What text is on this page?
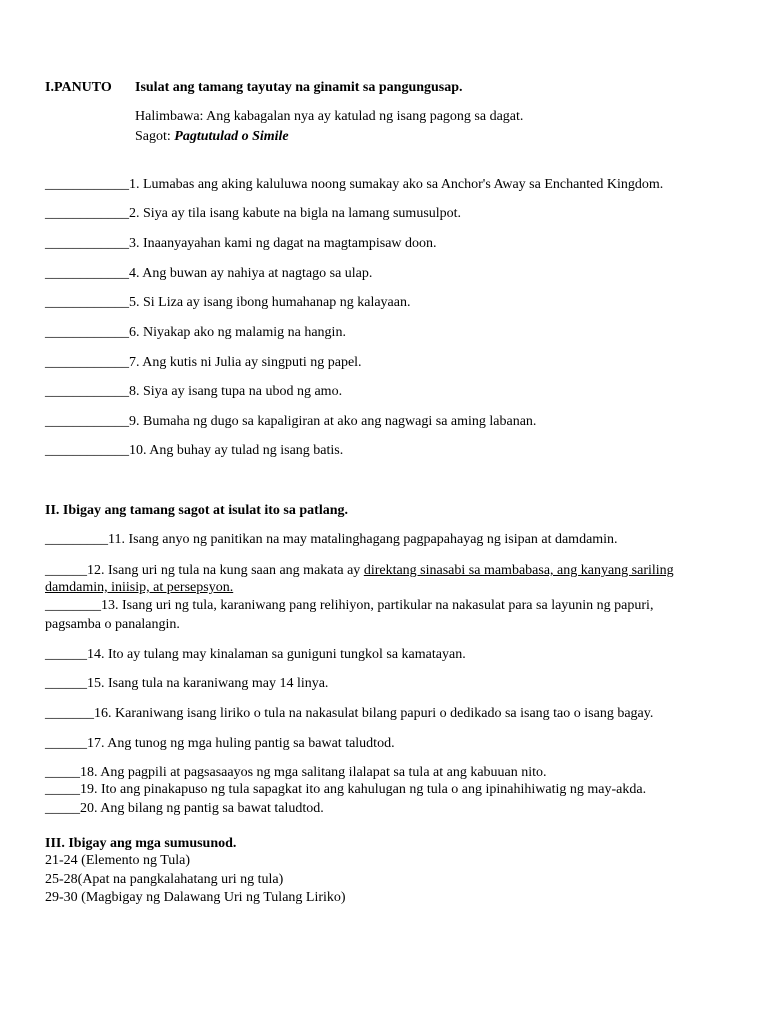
I.PANUTO Isulat ang tamang tayutay na ginamit sa pangungusap.
Halimbawa: Ang kabagalan nya ay katulad ng isang pagong sa dagat.
Sagot: Pagtutulad o Simile
____________1. Lumabas ang aking kaluluwa noong sumakay ako sa Anchor's Away sa Enchanted Kingdom.
____________2. Siya ay tila isang kabute na bigla na lamang sumusulpot.
____________3. Inaanyayahan kami ng dagat na magtampisaw doon.
____________4. Ang buwan ay nahiya at nagtago sa ulap.
____________5. Si Liza ay isang ibong humahanap ng kalayaan.
____________6. Niyakap ako ng malamig na hangin.
____________7. Ang kutis ni Julia ay singputi ng papel.
____________8. Siya ay isang tupa na ubod ng amo.
____________9. Bumaha ng dugo sa kapaligiran at ako ang nagwagi sa aming labanan.
____________10. Ang buhay ay tulad ng isang batis.
II. Ibigay ang tamang sagot at isulat ito sa patlang.
_________11. Isang anyo ng panitikan na may matalinghagang pagpapahayag ng isipan at damdamin.
______12. Isang uri ng tula na kung saan ang makata ay direktang sinasabi sa mambabasa, ang kanyang sariling
damdamin, iniisip, at persepsyon.
________13. Isang uri ng tula, karaniwang pang relihiyon, partikular na nakasulat para sa layunin ng papuri,
pagsamba o panalangin.
______14. Ito ay tulang may kinalaman sa guniguni tungkol sa kamatayan.
______15. Isang tula na karaniwang may 14 linya.
_______16. Karaniwang isang liriko o tula na nakasulat bilang papuri o dedikado sa isang tao o isang bagay.
______17. Ang tunog ng mga huling pantig sa bawat taludtod.
_____18. Ang pagpili at pagsasaayos ng mga salitang ilalapat sa tula at ang kabuuan nito.
_____19. Ito ang pinakapuso ng tula sapagkat ito ang kahulugan ng tula o ang ipinahihiwatig ng may-akda.
_____20. Ang bilang ng pantig sa bawat taludtod.
III. Ibigay ang mga sumusunod.
21-24 (Elemento ng Tula)
25-28(Apat na pangkalahatang uri ng tula)
29-30 (Magbigay ng Dalawang Uri ng Tulang Liriko)
